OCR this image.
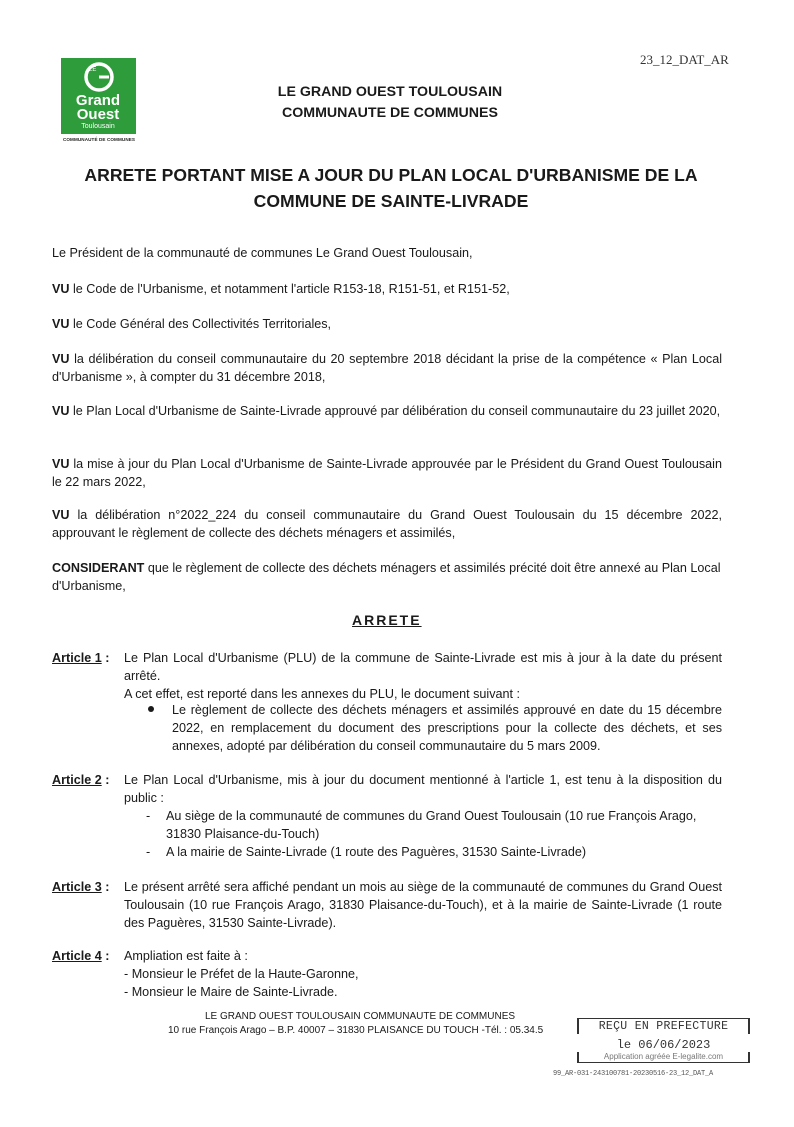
23_12_DAT_AR
LE
Grand
Ouest
Toulousain
COMMUNAUTÉ DE COMMUNES
LE GRAND OUEST TOULOUSAIN
COMMUNAUTE DE COMMUNES
ARRETE PORTANT MISE A JOUR DU PLAN LOCAL D'URBANISME DE LA
COMMUNE DE SAINTE-LIVRADE
Le Président de la communauté de communes Le Grand Ouest Toulousain,
VU le Code de l'Urbanisme, et notamment l'article R153-18, R151-51, et R151-52,
VU le Code Général des Collectivités Territoriales,
VU la délibération du conseil communautaire du 20 septembre 2018 décidant la prise de la compétence « Plan Local d'Urbanisme », à compter du 31 décembre 2018,
VU le Plan Local d'Urbanisme de Sainte-Livrade approuvé par délibération du conseil communautaire du 23 juillet 2020,
VU la mise à jour du Plan Local d'Urbanisme de Sainte-Livrade approuvée par le Président du Grand Ouest Toulousain le 22 mars 2022,
VU la délibération n°2022_224 du conseil communautaire du Grand Ouest Toulousain du 15 décembre 2022, approuvant le règlement de collecte des déchets ménagers et assimilés,
CONSIDERANT que le règlement de collecte des déchets ménagers et assimilés précité doit être annexé au Plan Local d'Urbanisme,
ARRETE
Article 1 : Le Plan Local d'Urbanisme (PLU) de la commune de Sainte-Livrade est mis à jour à la date du présent arrêté.
A cet effet, est reporté dans les annexes du PLU, le document suivant :
Le règlement de collecte des déchets ménagers et assimilés approuvé en date du 15 décembre 2022, en remplacement du document des prescriptions pour la collecte des déchets, et ses annexes, adopté par délibération du conseil communautaire du 5 mars 2009.
Article 2 : Le Plan Local d'Urbanisme, mis à jour du document mentionné à l'article 1, est tenu à la disposition du public :
- Au siège de la communauté de communes du Grand Ouest Toulousain (10 rue François Arago, 31830 Plaisance-du-Touch)
- A la mairie de Sainte-Livrade (1 route des Paguères, 31530 Sainte-Livrade)
Article 3 : Le présent arrêté sera affiché pendant un mois au siège de la communauté de communes du Grand Ouest Toulousain (10 rue François Arago, 31830 Plaisance-du-Touch), et à la mairie de Sainte-Livrade (1 route des Paguères, 31530 Sainte-Livrade).
Article 4 : Ampliation est faite à :
- Monsieur le Préfet de la Haute-Garonne,
- Monsieur le Maire de Sainte-Livrade.
LE GRAND OUEST TOULOUSAIN COMMUNAUTE DE COMMUNES
10 rue François Arago – B.P. 40007 – 31830 PLAISANCE DU TOUCH -Tél. : 05.34.5	REÇU EN PREFECTURE
le 06/06/2023
Application agréée E-legalite.com
99_AR-031-243100781-20230516-23_12_DAT_A
